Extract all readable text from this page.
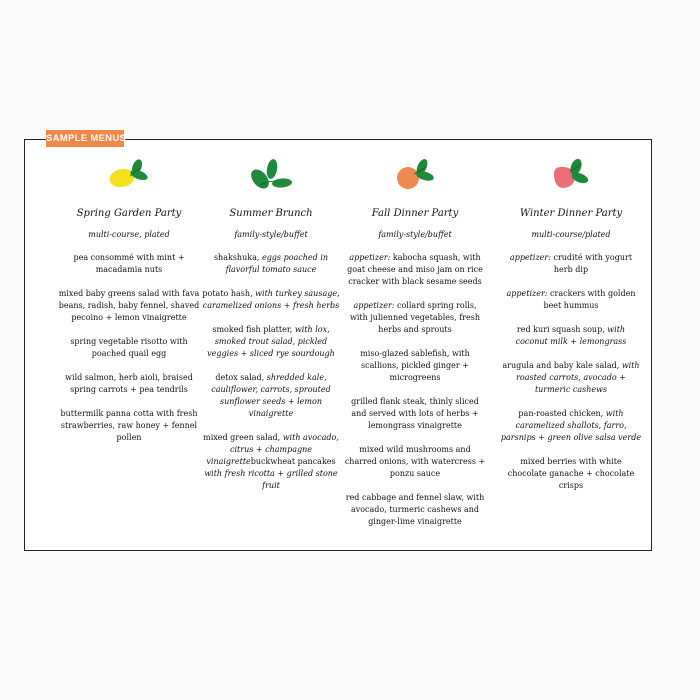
SAMPLE MENUS
Spring Garden Party
multi-course, plated
pea consommé with mint + macadamia nuts
mixed baby greens salad with fava beans, radish, baby fennel, shaved pecoino + lemon vinaigrette
spring vegetable risotto with poached quail egg
wild salmon, herb aioli, braised spring carrots + pea tendrils
buttermilk panna cotta with fresh strawberries, raw honey + fennel pollen
Summer Brunch
family-style/buffet
shakshuka, eggs poached in flavorful tomato sauce
potato hash, with turkey sausage, caramelized onions + fresh herbs
smoked fish platter, with lox, smoked trout salad, pickled veggies + sliced rye sourdough
detox salad, shredded kale, cauliflower, carrots, sprouted sunflower seeds + lemon vinaigrette
mixed green salad, with avocado, citrus + champagne vinaigrettebuckwheat pancakes with fresh ricotta + grilled stone fruit
Fall Dinner Party
family-style/buffet
appetizer: kabocha squash, with goat cheese and miso jam on rice cracker with black sesame seeds
appetizer: collard spring rolls, with julienned vegetables, fresh herbs and sprouts
miso-glazed sablefish, with scallions, pickled ginger + microgreens
grilled flank steak, thinly sliced and served with lots of herbs + lemongrass vinaigrette
mixed wild mushrooms and charred onions, with watercress + ponzu sauce
red cabbage and fennel slaw, with avocado, turmeric cashews and ginger-lime vinaigrette
Winter Dinner Party
multi-course/plated
appetizer: crudité with yogurt herb dip
appetizer: crackers with golden beet hummus
red kuri squash soup, with coconut milk + lemongrass
arugula and baby kale salad, with roasted carrots, avocado + turmeric cashews
pan-roasted chicken, with caramelized shallots, farro, parsnips + green olive salsa verde
mixed berries with white chocolate ganache + chocolate crisps
